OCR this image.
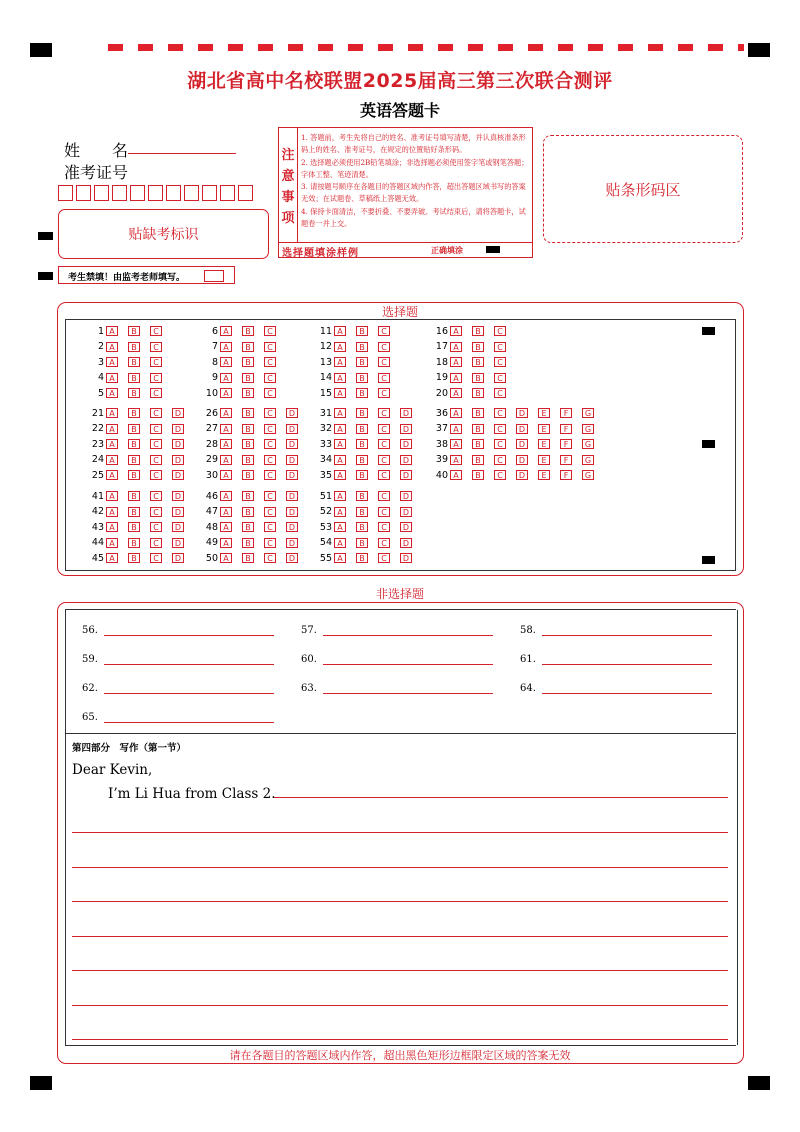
湖北省高中名校联盟2025届高三第三次联合测评
英语答题卡
姓　　名
准考证号
贴缺考标识
注
意
事
项
1. 答题前，考生先将自己的姓名、准考证号填写清楚，并认真核准条形码上的姓名、准考证号，在规定的位置贴好条形码。
2. 选择题必须使用2B铅笔填涂；非选择题必须使用签字笔或钢笔答题；字体工整、笔迹清楚。
3. 请按题号顺序在各题目的答题区域内作答，超出答题区域书写的答案无效；在试题卷、草稿纸上答题无效。
4. 保持卡面清洁，不要折叠、不要弄破。考试结束后，请将答题卡，试题卷一并上交。
选择题填涂样例	正确填涂
贴条形码区
考生禁填！由监考老师填写。
选择题
1 A	B	C
2 A	B	C
3 A	B	C
4 A	B	C
5 A	B	C
6 A	B	C
7 A	B	C
8 A	B	C
9 A	B	C
10 A	B	C
11 A	B	C
12 A	B	C
13 A	B	C
14 A	B	C
15 A	B	C
16 A	B	C
17 A	B	C
18 A	B	C
19 A	B	C
20 A	B	C
21 A	B	C	D
22 A	B	C	D
23 A	B	C	D
24 A	B	C	D
25 A	B	C	D
26 A	B	C	D
27 A	B	C	D
28 A	B	C	D
29 A	B	C	D
30 A	B	C	D
31 A	B	C	D
32 A	B	C	D
33 A	B	C	D
34 A	B	C	D
35 A	B	C	D
36 A	B	C	D	E	F	G
37 A	B	C	D	E	F	G
38 A	B	C	D	E	F	G
39 A	B	C	D	E	F	G
40 A	B	C	D	E	F	G
41 A	B	C	D
42 A	B	C	D
43 A	B	C	D
44 A	B	C	D
45 A	B	C	D
46 A	B	C	D
47 A	B	C	D
48 A	B	C	D
49 A	B	C	D
50 A	B	C	D
51 A	B	C	D
52 A	B	C	D
53 A	B	C	D
54 A	B	C	D
55 A	B	C	D
非选择题
56.	57.	58.
59.	60.	61.
62.	63.	64.
65.
第四部分　写作（第一节）
Dear Kevin,
I’m Li Hua from Class 2.
请在各题目的答题区域内作答，超出黑色矩形边框限定区域的答案无效
